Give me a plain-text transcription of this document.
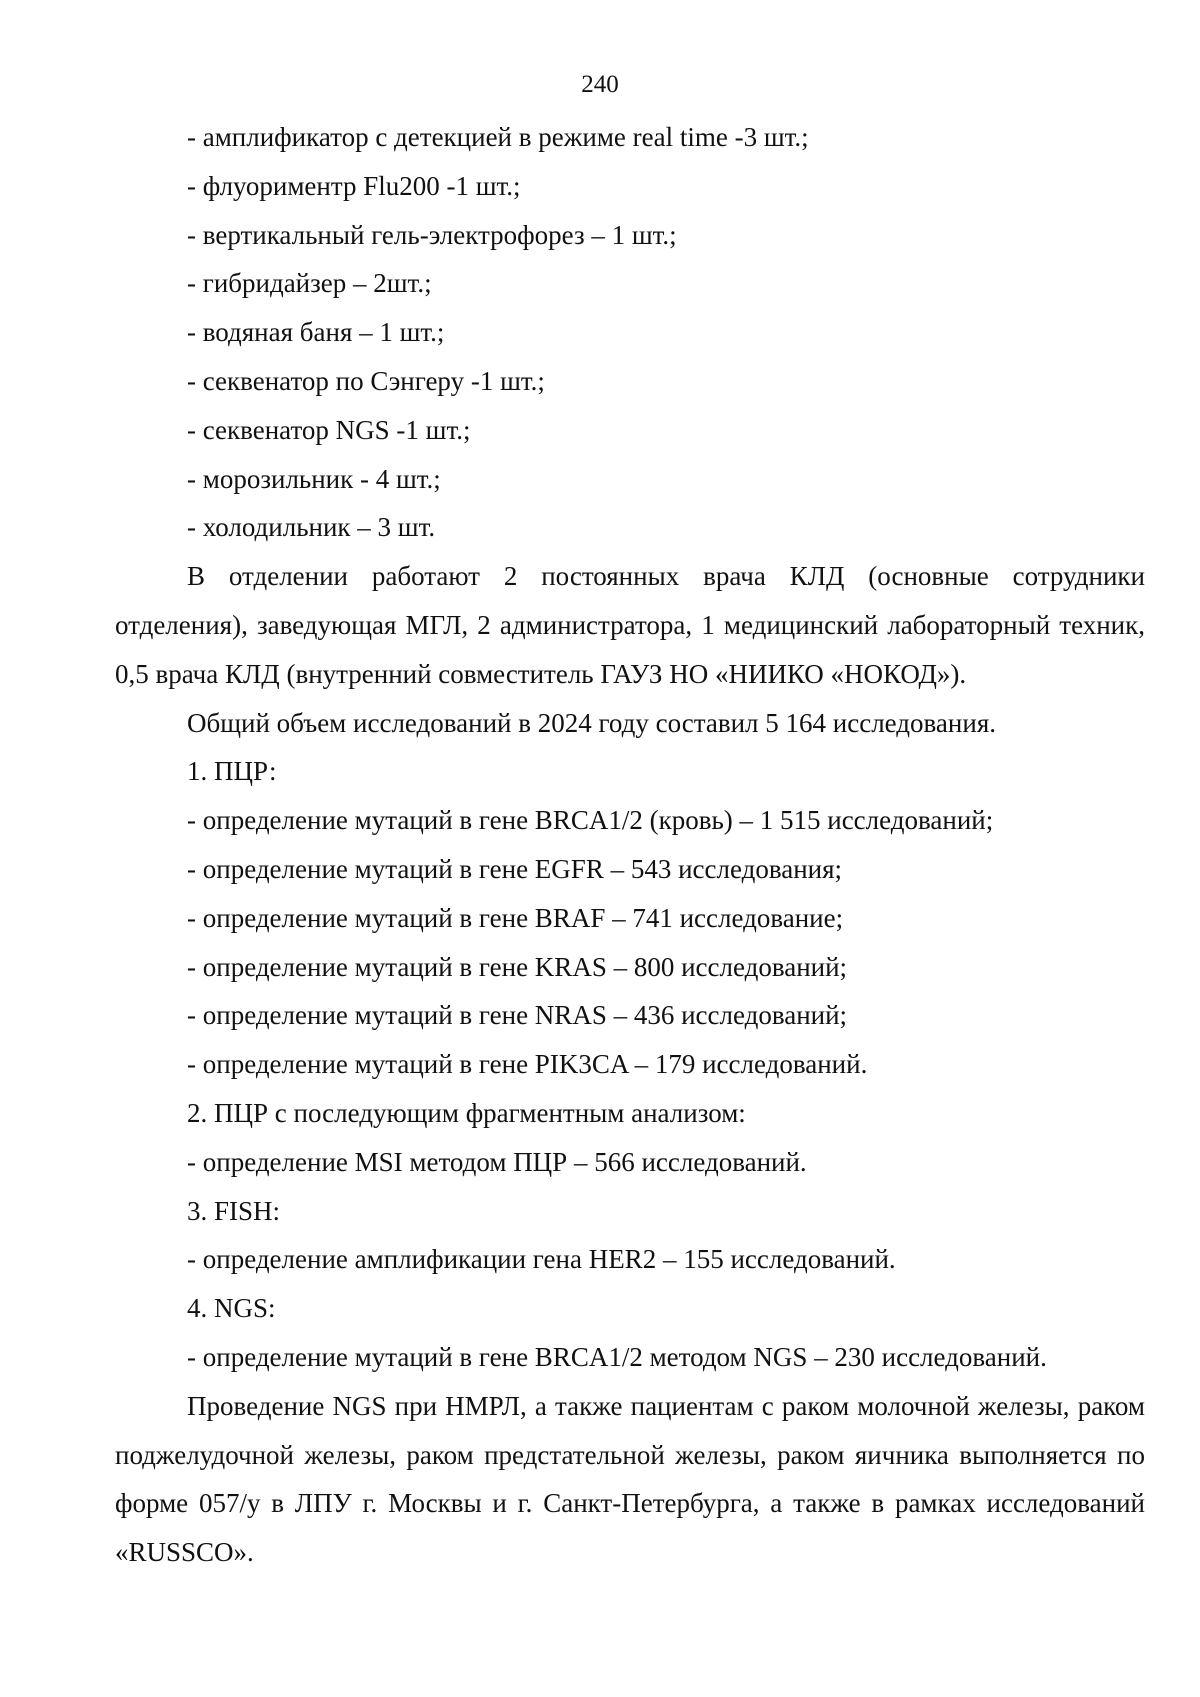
240

- амплификатор с детекцией в режиме real time -3 шт.;

- флуориментр Flu200 -1 шт.;

- вертикальный гель-электрофорез – 1 шт.;

- гибридайзер – 2шт.;

- водяная баня – 1 шт.;

- секвенатор по Сэнгеру -1 шт.;

- секвенатор NGS -1 шт.;

- морозильник - 4 шт.;

- холодильник – 3 шт.

В отделении работают 2 постоянных врача КЛД (основные сотрудники отделения), заведующая МГЛ, 2 администратора, 1 медицинский лабораторный техник, 0,5 врача КЛД (внутренний совместитель ГАУЗ НО «НИИКО «НОКОД»).

Общий объем исследований в 2024 году составил 5 164 исследования.

1. ПЦР:

- определение мутаций в гене BRCA1/2 (кровь) – 1 515 исследований;

- определение мутаций в гене EGFR – 543 исследования;

- определение мутаций в гене BRAF – 741 исследование;

- определение мутаций в гене KRAS – 800 исследований;

- определение мутаций в гене NRAS – 436 исследований;

- определение мутаций в гене PIK3CA – 179 исследований.

2. ПЦР с последующим фрагментным анализом:

- определение MSI методом ПЦР – 566 исследований.

3. FISH:

- определение амплификации гена HER2 – 155 исследований.

4. NGS:

- определение мутаций в гене BRCA1/2 методом NGS – 230 исследований.

Проведение NGS при НМРЛ, а также пациентам с раком молочной железы, раком поджелудочной железы, раком предстательной железы, раком яичника выполняется по форме 057/у в ЛПУ г. Москвы и г. Санкт-Петербурга, а также в рамках исследований «RUSSCO».
